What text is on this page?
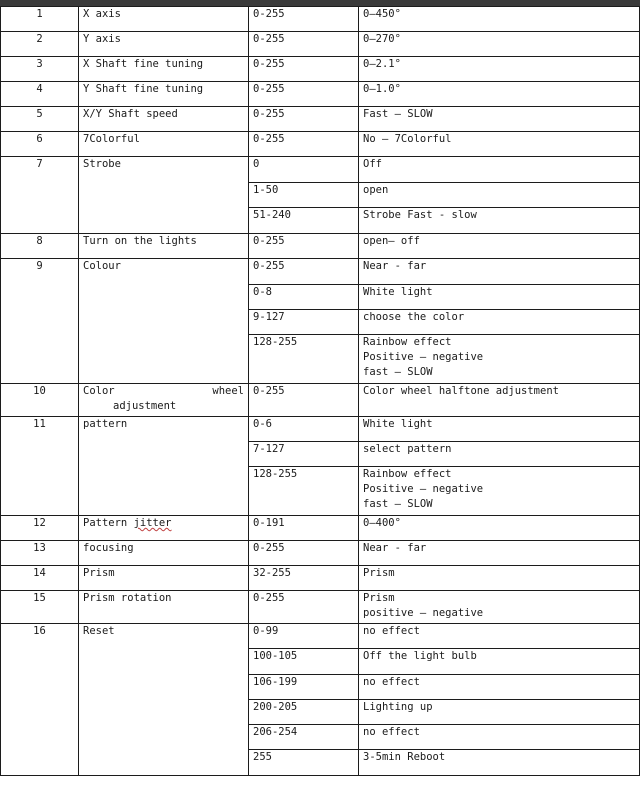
1	X axis	0-255	0—450°
2	Y axis	0-255	0—270°
3	X Shaft fine tuning	0-255	0—2.1°
4	Y Shaft fine tuning	0-255	0—1.0°
5	X/Y Shaft speed	0-255	Fast — SLOW
6	7Colorful	0-255	No — 7Colorful
7	Strobe	0	Off
		1-50	open
		51-240	Strobe Fast - slow
8	Turn on the lights	0-255	open— off
9	Colour	0-255	Near - far
		0-8	White light
		9-127	choose the color
		128-255	Rainbow effect
Positive — negative
fast — SLOW
10	Color wheel
adjustment	0-255	Color wheel halftone adjustment
11	pattern	0-6	White light
		7-127	select pattern
		128-255	Rainbow effect
Positive — negative
fast — SLOW
12	Pattern jitter	0-191	0—400°
13	focusing	0-255	Near - far
14	Prism	32-255	Prism
15	Prism rotation	0-255	Prism
positive — negative
16	Reset	0-99	no effect
		100-105	Off the light bulb
		106-199	no effect
		200-205	Lighting up
		206-254	no effect
		255	3-5min Reboot
